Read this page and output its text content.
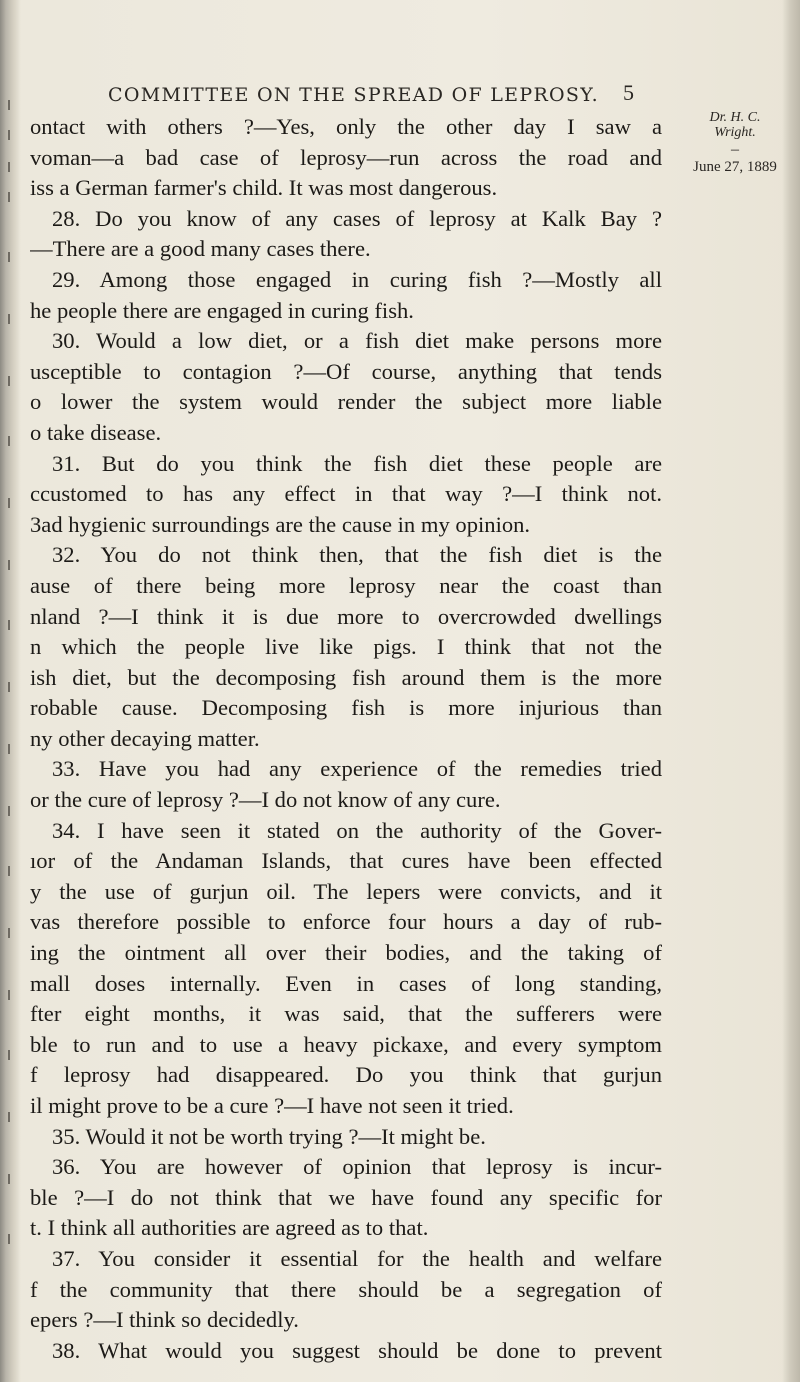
COMMITTEE ON THE SPREAD OF LEPROSY.	5
Dr. H. C. Wright.
–
June 27, 1889
ontact with others ?—Yes, only the other day I saw a
voman—a bad case of leprosy—run across the road and
iss a German farmer's child. It was most dangerous.
28. Do you know of any cases of leprosy at Kalk Bay ?
—There are a good many cases there.
29. Among those engaged in curing fish ?—Mostly all
he people there are engaged in curing fish.
30. Would a low diet, or a fish diet make persons more
usceptible to contagion ?—Of course, anything that tends
o lower the system would render the subject more liable
o take disease.
31. But do you think the fish diet these people are
ccustomed to has any effect in that way ?—I think not.
3ad hygienic surroundings are the cause in my opinion.
32. You do not think then, that the fish diet is the
ause of there being more leprosy near the coast than
nland ?—I think it is due more to overcrowded dwellings
n which the people live like pigs. I think that not the
ish diet, but the decomposing fish around them is the more
robable cause. Decomposing fish is more injurious than
ny other decaying matter.
33. Have you had any experience of the remedies tried
or the cure of leprosy ?—I do not know of any cure.
34. I have seen it stated on the authority of the Gover-
ıor of the Andaman Islands, that cures have been effected
y the use of gurjun oil. The lepers were convicts, and it
vas therefore possible to enforce four hours a day of rub-
ing the ointment all over their bodies, and the taking of
mall doses internally. Even in cases of long standing,
fter eight months, it was said, that the sufferers were
ble to run and to use a heavy pickaxe, and every symptom
f leprosy had disappeared. Do you think that gurjun
il might prove to be a cure ?—I have not seen it tried.
35. Would it not be worth trying ?—It might be.
36. You are however of opinion that leprosy is incur-
ble ?—I do not think that we have found any specific for
t. I think all authorities are agreed as to that.
37. You consider it essential for the health and welfare
f the community that there should be a segregation of
epers ?—I think so decidedly.
38. What would you suggest should be done to prevent
